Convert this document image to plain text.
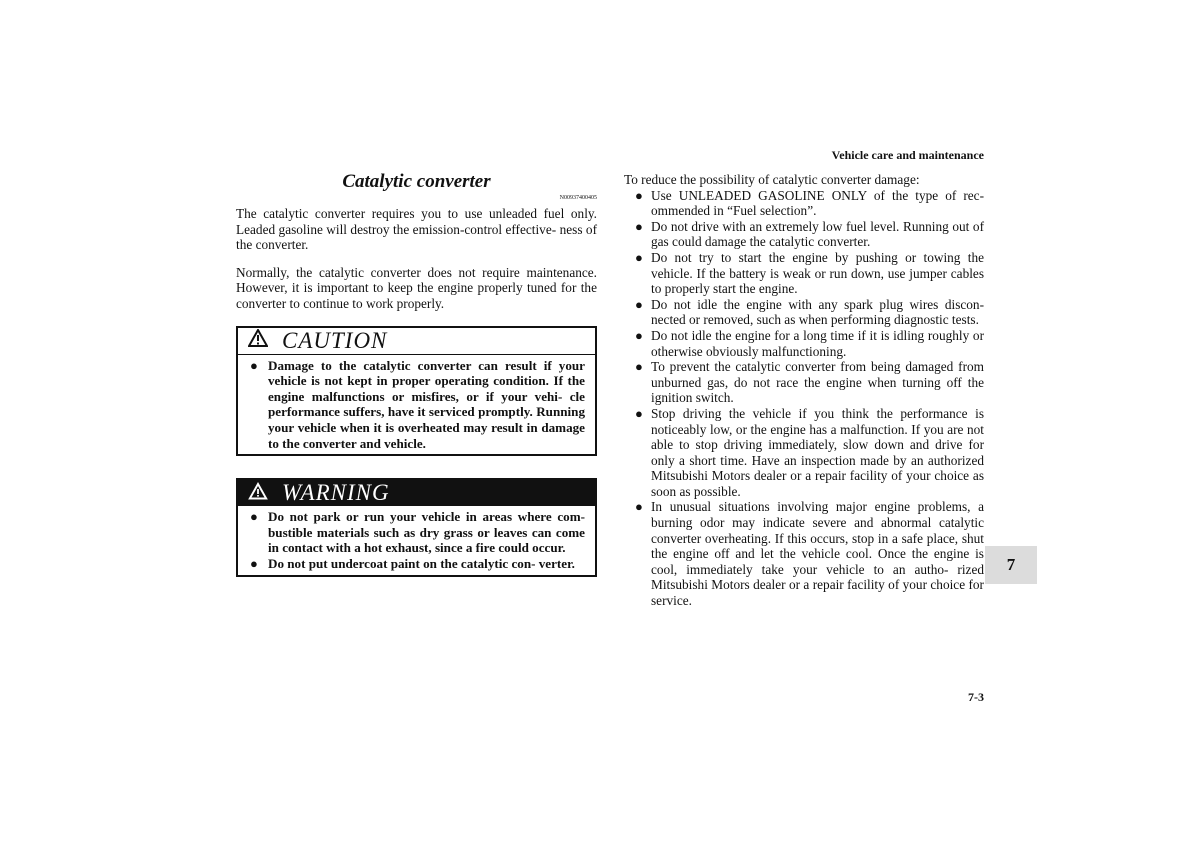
Vehicle care and maintenance
Catalytic converter
N00937400405

The catalytic converter requires you to use unleaded fuel only. Leaded gasoline will destroy the emission-control effective- ness of the converter.

Normally, the catalytic converter does not require maintenance. However, it is important to keep the engine properly tuned for the converter to continue to work properly.

CAUTION
● Damage to the catalytic converter can result if your vehicle is not kept in proper operating condition. If the engine malfunctions or misfires, or if your vehi- cle performance suffers, have it serviced promptly. Running your vehicle when it is overheated may result in damage to the converter and vehicle.
WARNING
● Do not park or run your vehicle in areas where com- bustible materials such as dry grass or leaves can come in contact with a hot exhaust, since a fire could occur.
● Do not put undercoat paint on the catalytic con- verter.
To reduce the possibility of catalytic converter damage:
● Use UNLEADED GASOLINE ONLY of the type of rec- ommended in “Fuel selection”.
● Do not drive with an extremely low fuel level. Running out of gas could damage the catalytic converter.
● Do not try to start the engine by pushing or towing the vehicle. If the battery is weak or run down, use jumper cables to properly start the engine.
● Do not idle the engine with any spark plug wires discon- nected or removed, such as when performing diagnostic tests.
● Do not idle the engine for a long time if it is idling roughly or otherwise obviously malfunctioning.
● To prevent the catalytic converter from being damaged from unburned gas, do not race the engine when turning off the ignition switch.
● Stop driving the vehicle if you think the performance is noticeably low, or the engine has a malfunction. If you are not able to stop driving immediately, slow down and drive for only a short time. Have an inspection made by an authorized Mitsubishi Motors dealer or a repair facility of your choice as soon as possible.
● In unusual situations involving major engine problems, a burning odor may indicate severe and abnormal catalytic converter overheating. If this occurs, stop in a safe place, shut the engine off and let the vehicle cool. Once the engine is cool, immediately take your vehicle to an autho- rized Mitsubishi Motors dealer or a repair facility of your choice for service.
7
7-3
